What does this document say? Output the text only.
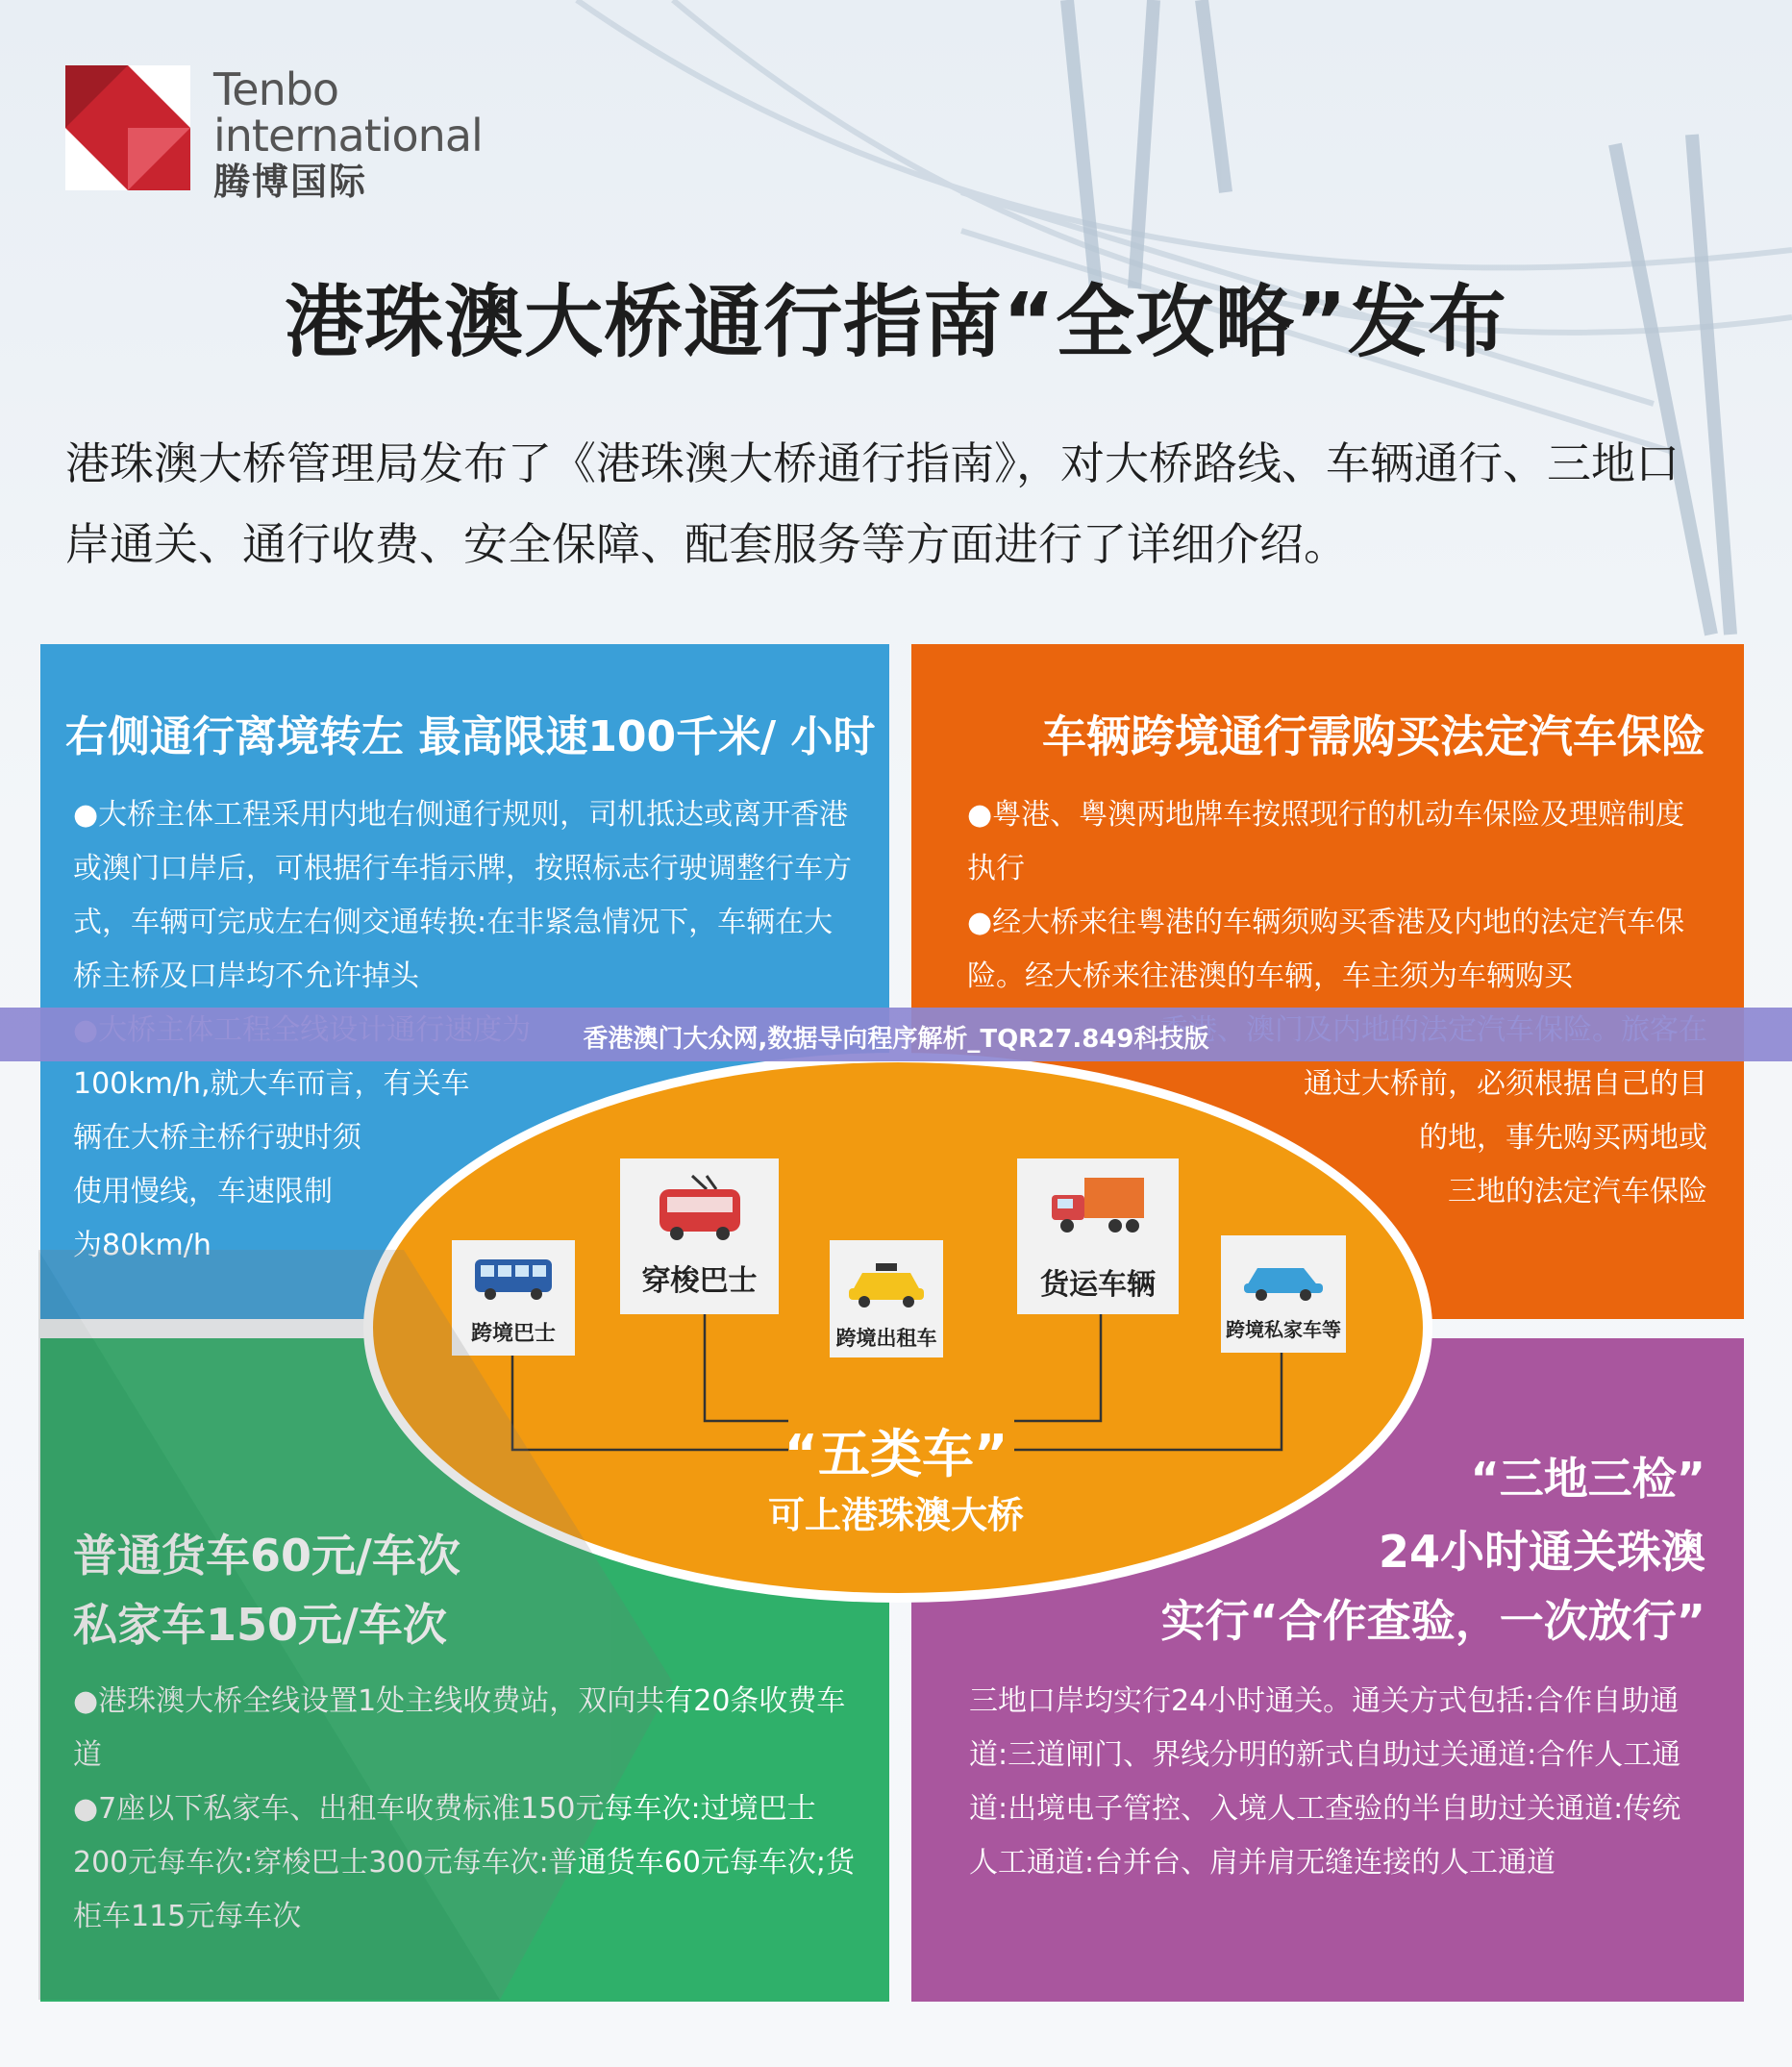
Tenbo
international
腾博国际
港珠澳大桥通行指南“全攻略”发布
港珠澳大桥管理局发布了《港珠澳大桥通行指南》，对大桥路线、车辆通行、三地口岸通关、通行收费、安全保障、配套服务等方面进行了详细介绍。
右侧通行离境转左 最高限速100千米/ 小时

●大桥主体工程采用内地右侧通行规则，司机抵达或离开香港或澳门口岸后，可根据行车指示牌，按照标志行驶调整行车方式，车辆可完成左右侧交通转换:在非紧急情况下，车辆在大桥主桥及口岸均不允许掉头

100km/h,就大车而言，有关车

辆在大桥主桥行驶时须

使用慢线，车速限制

为80km/h

车辆跨境通行需购买法定汽车保险

●粤港、粤澳两地牌车按照现行的机动车保险及理赔制度执行

●经大桥来往粤港的车辆须购买香港及内地的法定汽车保险。经大桥来往港澳的车辆，车主须为车辆购买

通过大桥前，必须根据自己的目

的地，事先购买两地或

三地的法定汽车保险

普通货车60元/车次
私家车150元/车次

●港珠澳大桥全线设置1处主线收费站，双向共有20条收费车道

●7座以下私家车、出租车收费标准150元每车次:过境巴士200元每车次:穿梭巴士300元每车次:普通货车60元每车次;货柜车115元每车次

“三地三检”
24小时通关珠澳
实行“合作查验，一次放行”

三地口岸均实行24小时通关。通关方式包括:合作自助通道:三道闸门、界线分明的新式自助过关通道:合作人工通道:出境电子管控、入境人工查验的半自助过关通道:传统人工通道:台并台、肩并肩无缝连接的人工通道

跨境巴士
穿梭巴士
跨境出租车
货运车辆
跨境私家车等
“五类车”
可上港珠澳大桥
香港澳门大众网,数据导向程序解析_TQR27.849科技版
